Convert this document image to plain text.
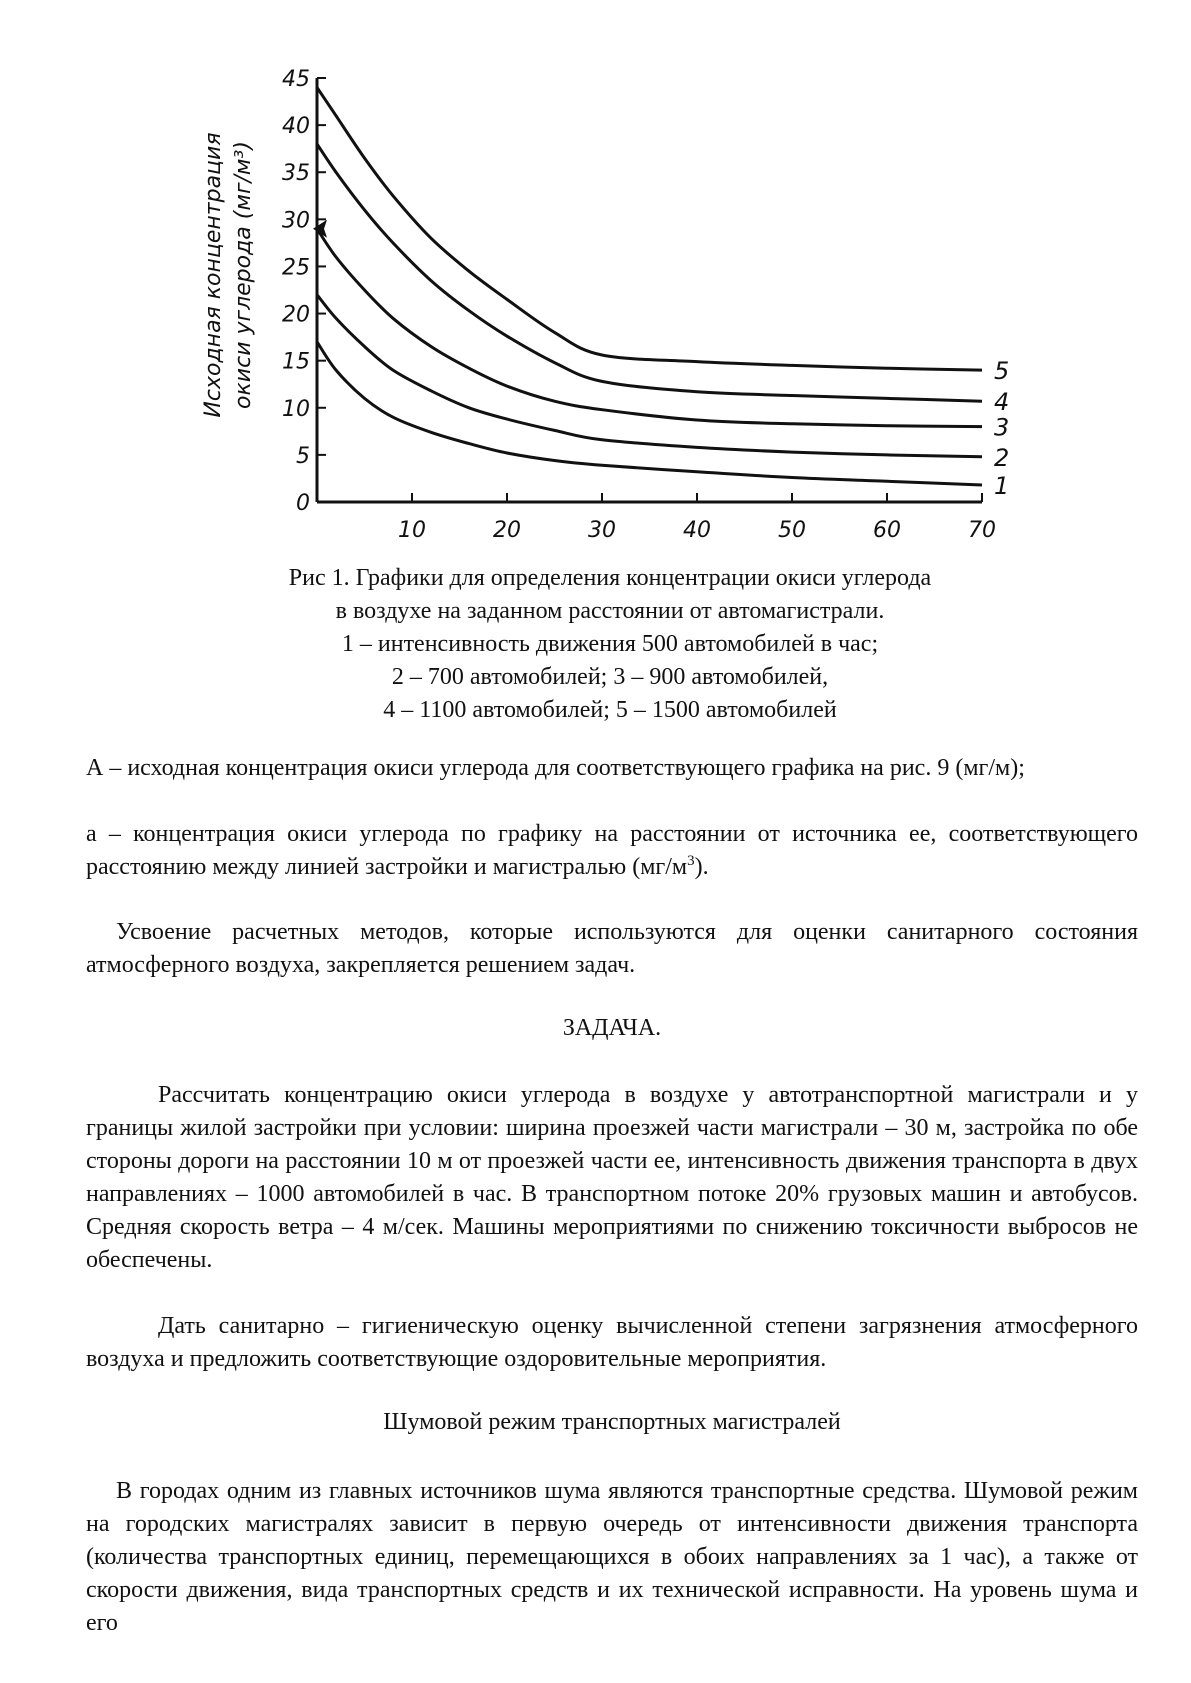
Исходная концентрация окиси углерода (мг/м³)
0
5
10
15
20
25
30
35
40
45
10	20	30	40	50	60	70
1
2
3
4
5
Рис 1. Графики для определения концентрации окиси углерода
в воздухе на заданном расстоянии от автомагистрали.
1 – интенсивность движения 500 автомобилей в час;
2 – 700 автомобилей; 3 – 900 автомобилей,
4 – 1100 автомобилей; 5 – 1500 автомобилей
А – исходная концентрация окиси углерода для соответствующего графика на рис. 9 (мг/м);
а – концентрация окиси углерода по графику на расстоянии от источника ее, соответствующего расстоянию между линией застройки и магистралью $(мг/м^3)$.
Усвоение расчетных методов, которые используются для оценки санитарного состояния атмосферного воздуха, закрепляется решением задач.
ЗАДАЧА.
Рассчитать концентрацию окиси углерода в воздухе у автотранспортной магистрали и у границы жилой застройки при условии: ширина проезжей части магистрали – 30 м, застройка по обе стороны дороги на расстоянии 10 м от проезжей части ее, интенсивность движения транспорта в двух направлениях – 1000 автомобилей в час. В транспортном потоке 20% грузовых машин и автобусов. Средняя скорость ветра – 4 м/сек. Машины мероприятиями по снижению токсичности выбросов не обеспечены.
Дать санитарно – гигиеническую оценку вычисленной степени загрязнения атмосферного воздуха и предложить соответствующие оздоровительные мероприятия.
Шумовой режим транспортных магистралей
В городах одним из главных источников шума являются транспортные средства. Шумовой режим на городских магистралях зависит в первую очередь от интенсивности движения транспорта (количества транспортных единиц, перемещающихся в обоих направлениях за 1 час), а также от скорости движения, вида транспортных средств и их технической исправности. На уровень шума и его
